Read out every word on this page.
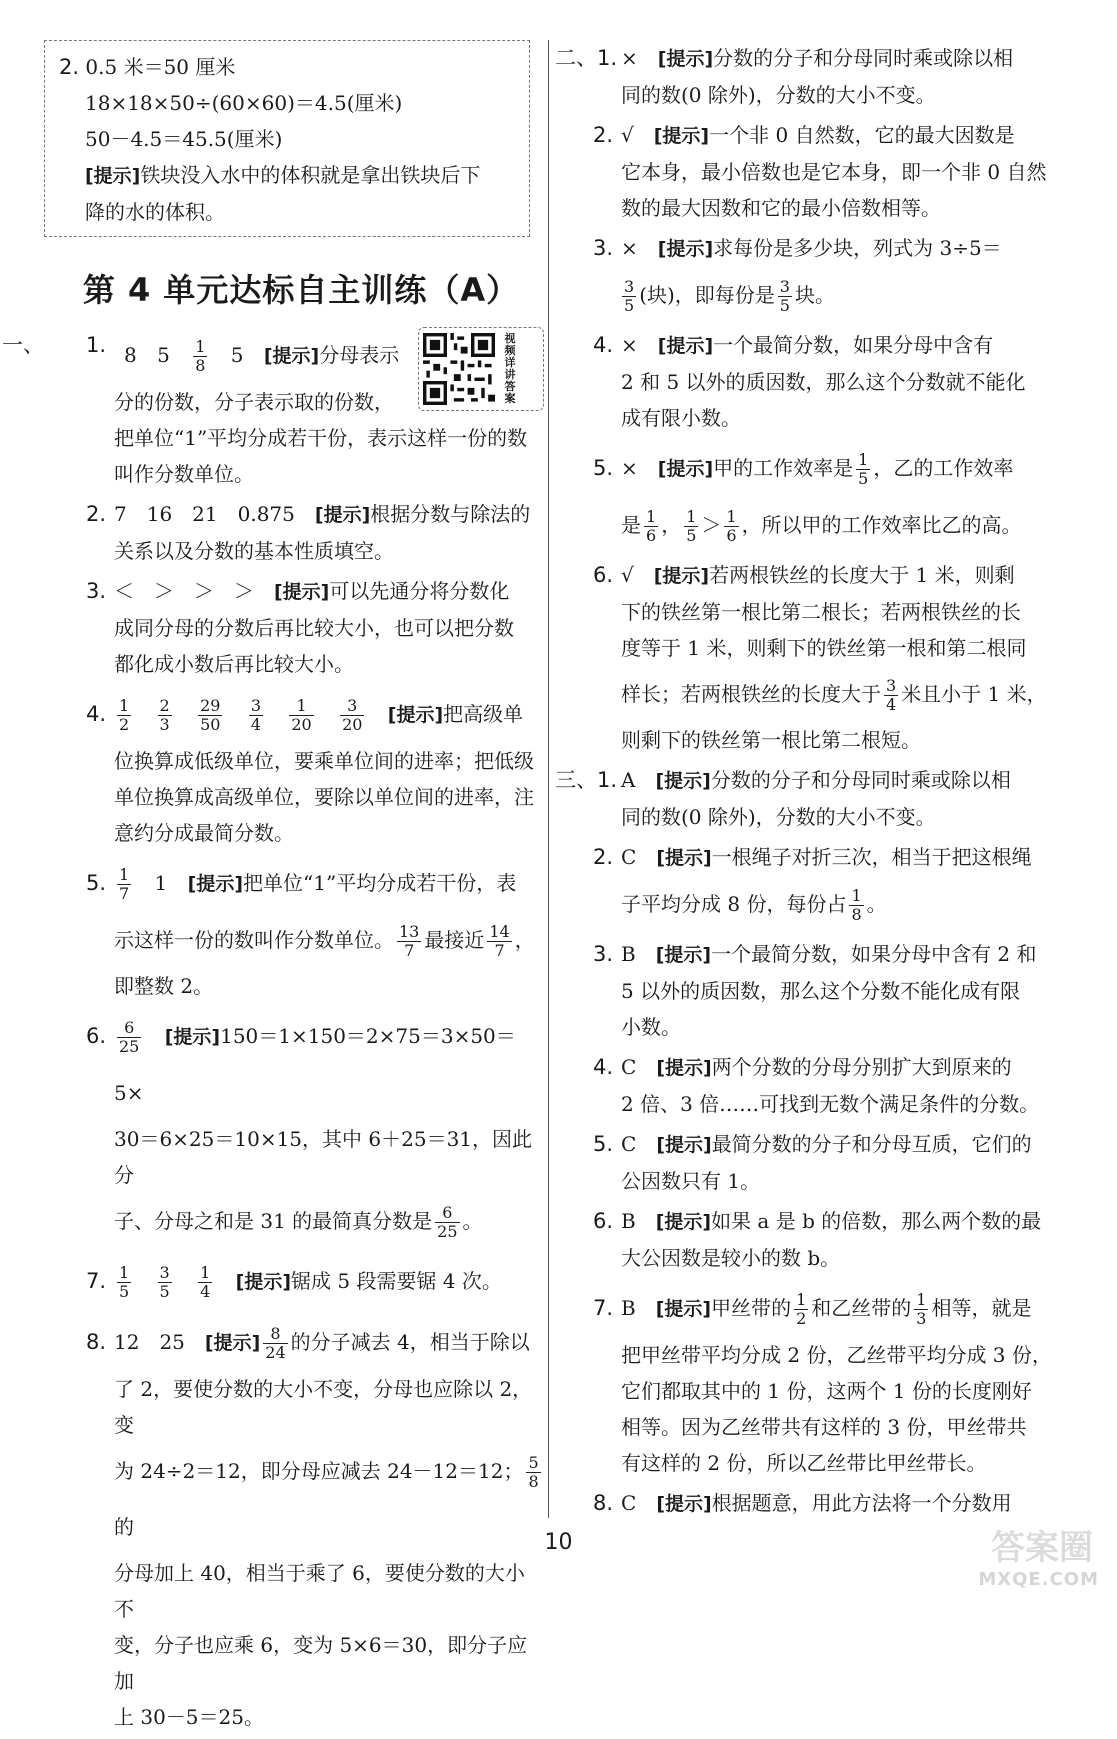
2. 0.5 米＝50 厘米
18×18×50÷(60×60)＝4.5(厘米)
50－4.5＝45.5(厘米)
[提示]铁块没入水中的体积就是拿出铁块后下
降的水的体积。
第 4 单元达标自主训练（A）
一、 1.	视频详讲答案
8 $5 \frac{1}{8} 5$ [提示]分母表示
分的份数，分子表示取的份数，
把单位“1”平均分成若干份，表示这样一份的数
叫作分数单位。
2. 7　16　21　0.875　 [提示]根据分数与除法的
关系以及分数的基本性质填空。
3. ＜　＞　＞　＞　 [提示]可以先通分将分数化
成同分母的分数后再比较大小，也可以把分数
都化成小数后再比较大小。
4. $\frac{1}{2}$
$\frac{2}{3}$
$\frac{29}{50}$
$\frac{3}{4}$
$\frac{1}{20}$
$\frac{3}{20}$ [提示]把高级单
位换算成低级单位，要乘单位间的进率；把低级
单位换算成高级单位，要除以单位间的进率，注
意约分成最简分数。
5. $\frac{1}{7} 1$ [提示]把单位“1”平均分成若干份，表
示这样一份的数叫作分数单位。 $\frac{13}{7}$ 最接近 $\frac{14}{7}$ ，
即整数 2。
6. $\frac{6}{25}$ [提示]150＝1×150＝2×75＝3×50＝5×
30＝6×25＝10×15，其中 6＋25＝31，因此分
子、分母之和是 31 的最简真分数是 $\frac{6}{25}$ 。
7. $\frac{1}{5}$
$\frac{3}{5}$
$\frac{1}{4}$ [提示]锯成 5 段需要锯 4 次。
8. 12　25　 [提示] $\frac{8}{24}$ 的分子减去 4，相当于除以
了 2，要使分数的大小不变，分母也应除以 2，变
为 24÷2＝12，即分母应减去 24－12＝12； $\frac{5}{8}$
的
分母加上 40，相当于乘了 6，要使分数的大小不
变，分子也应乘 6，变为 5×6＝30，即分子应加
上 30－5＝25。
二、1. ×　 [提示]分数的分子和分母同时乘或除以相
同的数(0 除外)，分数的大小不变。
2. √　 [提示]一个非 0 自然数，它的最大因数是
它本身，最小倍数也是它本身，即一个非 0 自然
数的最大因数和它的最小倍数相等。
3. ×　 [提示]求每份是多少块，列式为 3÷5＝
$\frac{3}{5}$ (块)，即每份是 $\frac{3}{5}$ 块。
4. ×　 [提示]一个最简分数，如果分母中含有
2 和 5 以外的质因数，那么这个分数就不能化
成有限小数。
5. ×　 [提示]甲的工作效率是 $\frac{1}{5}$ ，乙的工作效率
是 $\frac{1}{6}$ ， $\frac{1}{5} > \frac{1}{6}$ ，所以甲的工作效率比乙的高。
6. √　 [提示]若两根铁丝的长度大于 1 米，则剩
下的铁丝第一根比第二根长；若两根铁丝的长
度等于 1 米，则剩下的铁丝第一根和第二根同
样长；若两根铁丝的长度大于 $\frac{3}{4}$ 米且小于 1 米，
则剩下的铁丝第一根比第二根短。
三、1. A　 [提示]分数的分子和分母同时乘或除以相
同的数(0 除外)，分数的大小不变。
2. C　 [提示]一根绳子对折三次，相当于把这根绳
子平均分成 8 份，每份占 $\frac{1}{8}$ 。
3. B　 [提示]一个最简分数，如果分母中含有 2 和
5 以外的质因数，那么这个分数不能化成有限
小数。
4. C　 [提示]两个分数的分母分别扩大到原来的
2 倍、3 倍……可找到无数个满足条件的分数。
5. C　 [提示]最简分数的分子和分母互质，它们的
公因数只有 1。
6. B　 [提示]如果 a 是 b 的倍数，那么两个数的最
大公因数是较小的数 b。
7. B　 [提示]甲丝带的 $\frac{1}{2}$ 和乙丝带的 $\frac{1}{3}$ 相等，就是
把甲丝带平均分成 2 份，乙丝带平均分成 3 份，
它们都取其中的 1 份，这两个 1 份的长度刚好
相等。因为乙丝带共有这样的 3 份，甲丝带共
有这样的 2 份，所以乙丝带比甲丝带长。
8. C　 [提示]根据题意，用此方法将一个分数用
10	答案圈
MXQE.COM
